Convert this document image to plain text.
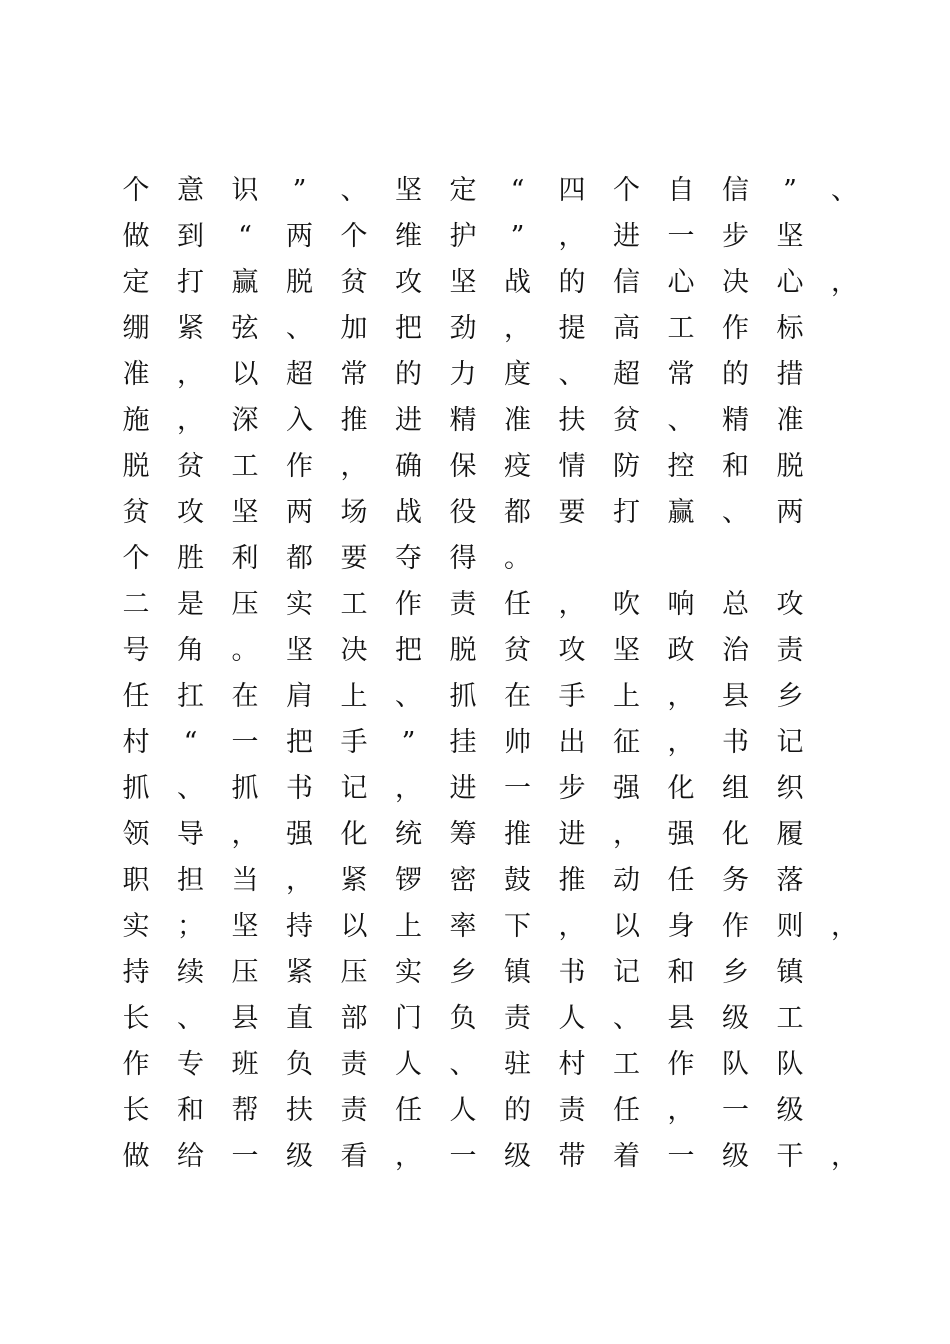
个 意 识	”	、 坚 定	“	四 个 自 信	”	、
做 到	“	两 个 维 护	”	， 进 一 步 坚
定 打 赢 脱 贫 攻 坚 战 的 信 心 决 心 ，
绷 紧 弦 、 加 把 劲 ， 提 高 工 作 标
准 ， 以 超 常 的 力 度 、 超 常 的 措
施 ， 深 入 推 进 精 准 扶 贫 、 精 准
脱 贫 工 作 ， 确 保 疫 情 防 控 和 脱
贫 攻 坚 两 场 战 役 都 要 打 赢 、 两
个 胜 利 都 要 夺 得 。
二 是 压 实 工 作 责 任 ， 吹 响 总 攻
号 角 。 坚 决 把 脱 贫 攻 坚 政 治 责
任 扛 在 肩 上 、 抓 在 手 上 ， 县 乡
村	“	一 把 手	”	挂 帅 出 征 ， 书 记
抓 、 抓 书 记 ， 进 一 步 强 化 组 织
领 导 ， 强 化 统 筹 推 进 ， 强 化 履
职 担 当 ， 紧 锣 密 鼓 推 动 任 务 落
实 ； 坚 持 以 上 率 下 ， 以 身 作 则 ，
持 续 压 紧 压 实 乡 镇 书 记 和 乡 镇
长 、 县 直 部 门 负 责 人 、 县 级 工
作 专 班 负 责 人 、 驻 村 工 作 队 队
长 和 帮 扶 责 任 人 的 责 任 ， 一 级
做 给 一 级 看 ， 一 级 带 着 一 级 干 ，
